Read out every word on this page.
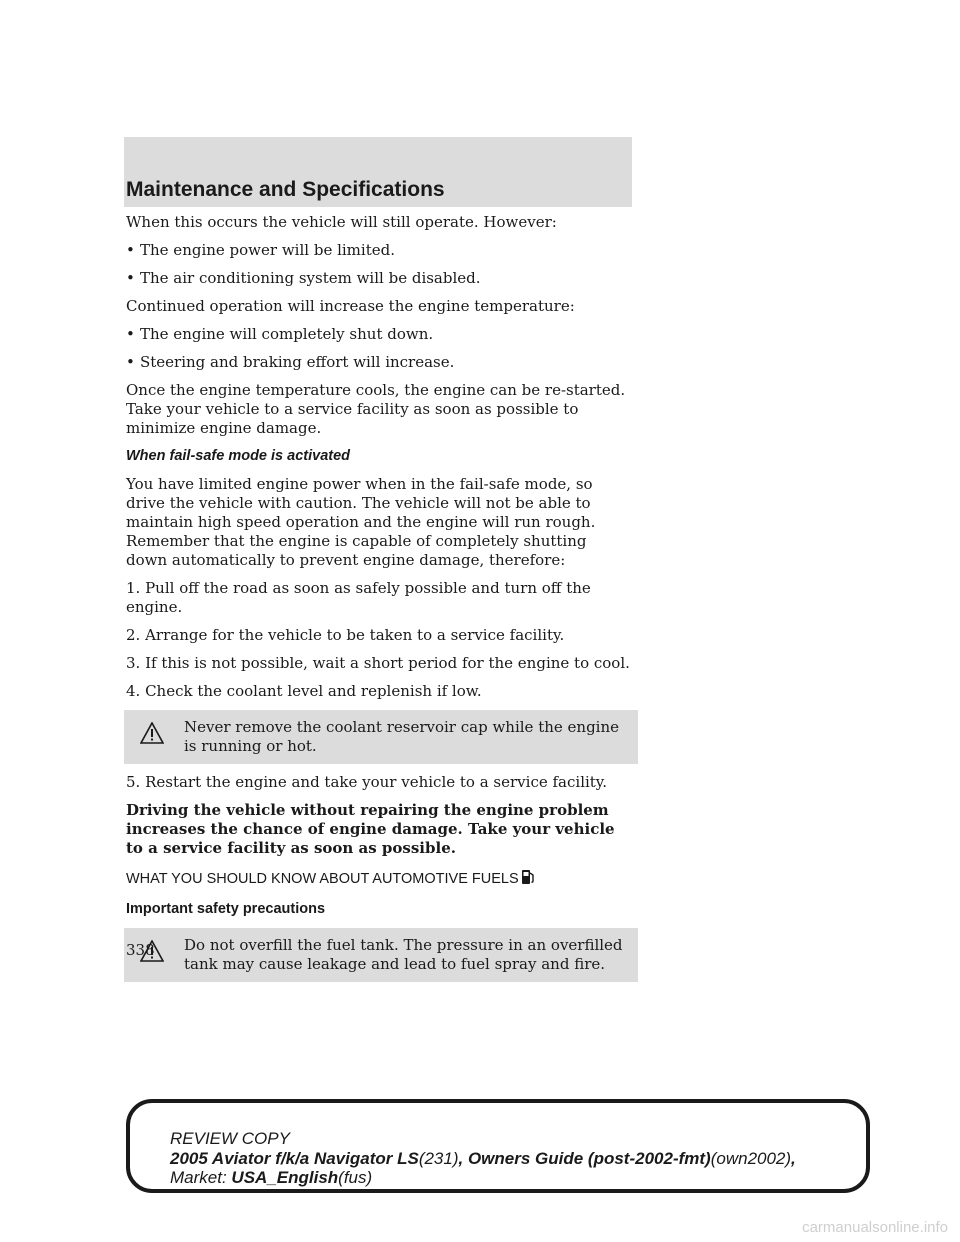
Maintenance and Specifications

When this occurs the vehicle will still operate. However:

• The engine power will be limited.
• The air conditioning system will be disabled.

Continued operation will increase the engine temperature:

• The engine will completely shut down.
• Steering and braking effort will increase.

Once the engine temperature cools, the engine can be re-started. Take your vehicle to a service facility as soon as possible to minimize engine damage.

When fail-safe mode is activated

You have limited engine power when in the fail-safe mode, so drive the vehicle with caution. The vehicle will not be able to maintain high speed operation and the engine will run rough. Remember that the engine is capable of completely shutting down automatically to prevent engine damage, therefore:

1. Pull off the road as soon as safely possible and turn off the engine.

2. Arrange for the vehicle to be taken to a service facility.

3. If this is not possible, wait a short period for the engine to cool.

4. Check the coolant level and replenish if low.

Never remove the coolant reservoir cap while the engine is running or hot.

5. Restart the engine and take your vehicle to a service facility.

Driving the vehicle without repairing the engine problem increases the chance of engine damage. Take your vehicle to a service facility as soon as possible.

WHAT YOU SHOULD KNOW ABOUT AUTOMOTIVE FUELS

Important safety precautions

Do not overfill the fuel tank. The pressure in an overfilled tank may cause leakage and lead to fuel spray and fire.
338
REVIEW COPY
2005 Aviator f/k/a Navigator LS(231), Owners Guide (post-2002-fmt)(own2002),
Market: USA_English(fus)
carmanualsonline.info
